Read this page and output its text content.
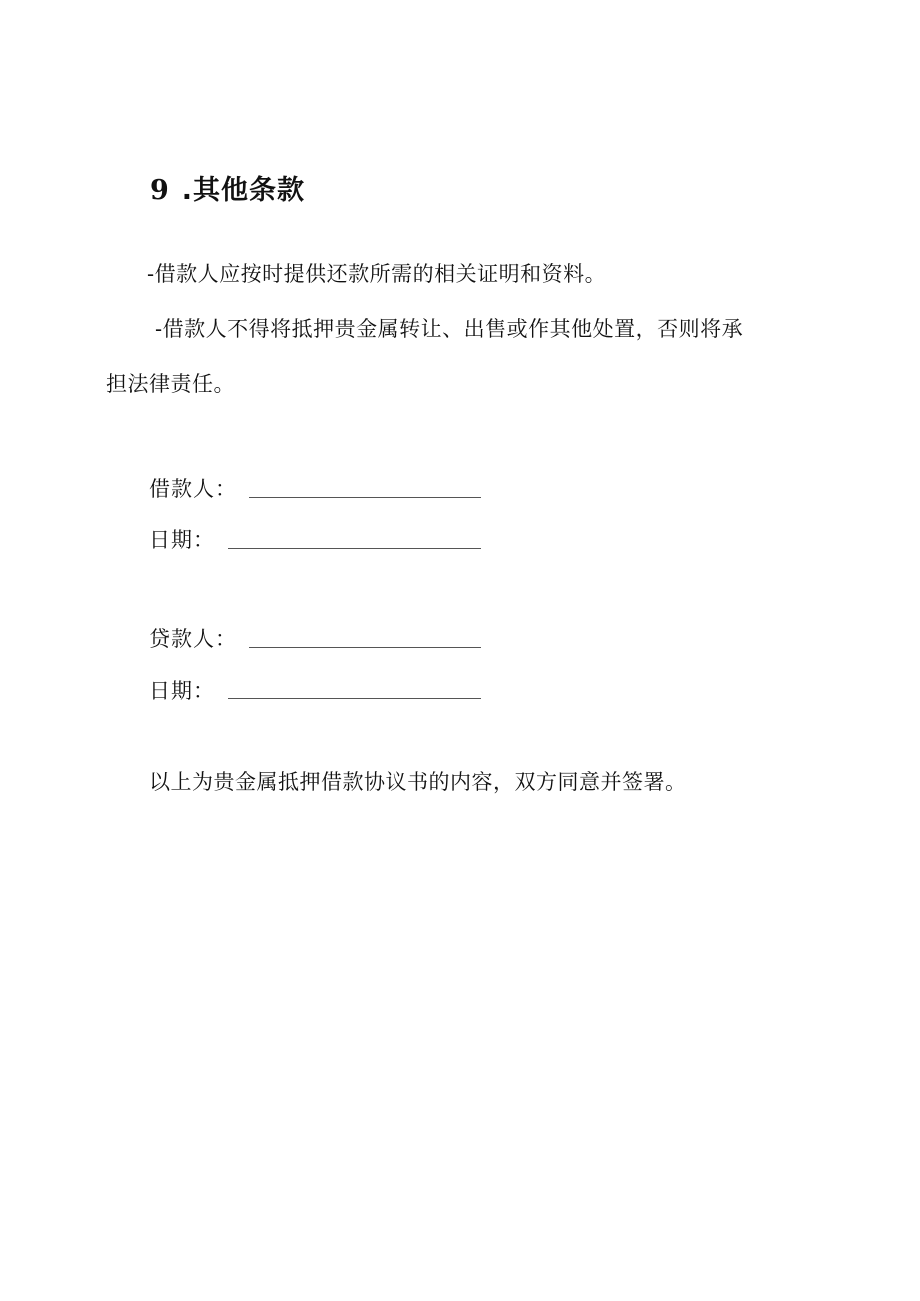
9 .其他条款
-借款人应按时提供还款所需的相关证明和资料。
-借款人不得将抵押贵金属转让、出售或作其他处置，否则将承
担法律责任。
借款人：
日期：
贷款人：
日期：
以上为贵金属抵押借款协议书的内容，双方同意并签署。
